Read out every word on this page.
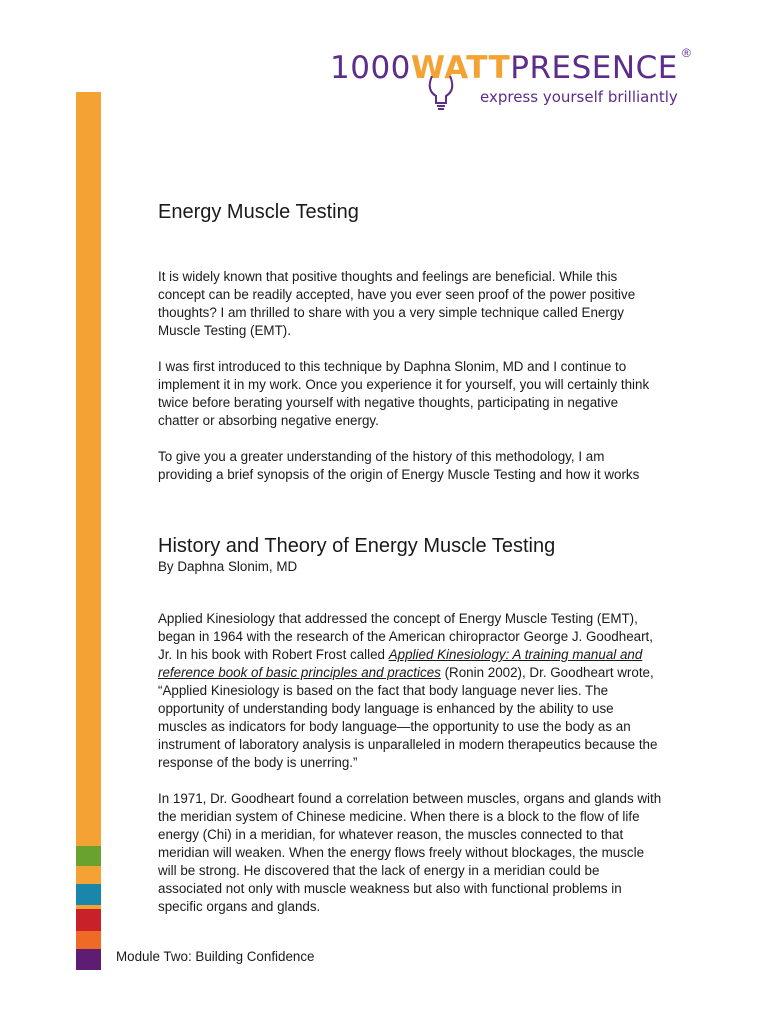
1000WATTPRESENCE ®
express yourself brilliantly
Energy Muscle Testing
It is widely known that positive thoughts and feelings are beneficial. While this
concept can be readily accepted, have you ever seen proof of the power positive
thoughts? I am thrilled to share with you a very simple technique called Energy
Muscle Testing (EMT).
I was first introduced to this technique by Daphna Slonim, MD and I continue to
implement it in my work. Once you experience it for yourself, you will certainly think
twice before berating yourself with negative thoughts, participating in negative
chatter or absorbing negative energy.
To give you a greater understanding of the history of this methodology, I am
providing a brief synopsis of the origin of Energy Muscle Testing and how it works
History and Theory of Energy Muscle Testing
By Daphna Slonim, MD
Applied Kinesiology that addressed the concept of Energy Muscle Testing (EMT),
began in 1964 with the research of the American chiropractor George J. Goodheart,
Jr. In his book with Robert Frost called Applied Kinesiology: A training manual and
reference book of basic principles and practices (Ronin 2002), Dr. Goodheart wrote,
“Applied Kinesiology is based on the fact that body language never lies. The
opportunity of understanding body language is enhanced by the ability to use
muscles as indicators for body language—the opportunity to use the body as an
instrument of laboratory analysis is unparalleled in modern therapeutics because the
response of the body is unerring.”
In 1971, Dr. Goodheart found a correlation between muscles, organs and glands with
the meridian system of Chinese medicine. When there is a block to the flow of life
energy (Chi) in a meridian, for whatever reason, the muscles connected to that
meridian will weaken. When the energy flows freely without blockages, the muscle
will be strong. He discovered that the lack of energy in a meridian could be
associated not only with muscle weakness but also with functional problems in
specific organs and glands.
Module Two: Building Confidence
